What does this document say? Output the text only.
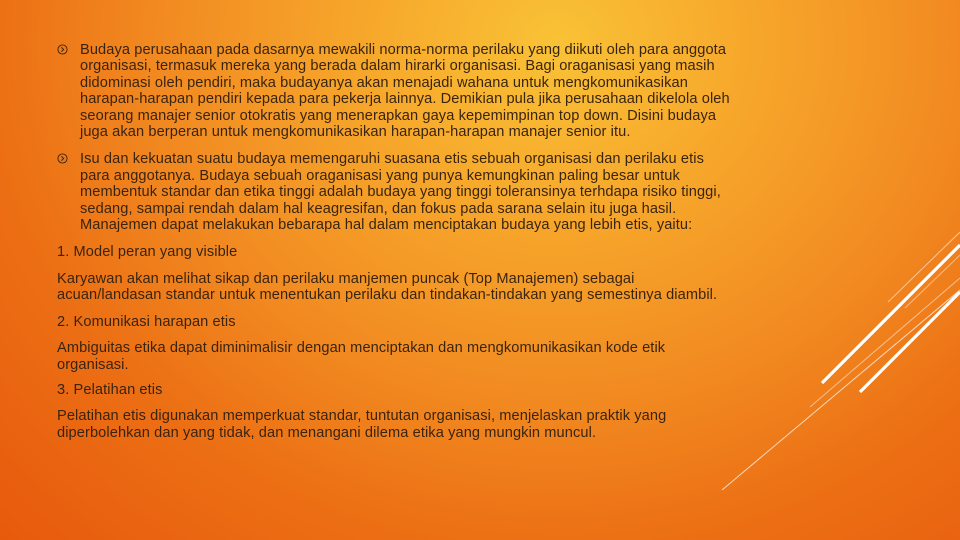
Budaya perusahaan pada dasarnya mewakili norma-norma perilaku yang diikuti oleh para anggota organisasi, termasuk mereka yang berada dalam hirarki organisasi. Bagi oraganisasi yang masih didominasi oleh pendiri, maka budayanya akan menajadi wahana untuk mengkomunikasikan harapan-harapan pendiri kepada para pekerja lainnya. Demikian pula jika perusahaan dikelola oleh seorang manajer senior otokratis yang menerapkan gaya kepemimpinan top down. Disini budaya juga akan berperan untuk mengkomunikasikan harapan-harapan manajer senior itu.
Isu dan kekuatan suatu budaya memengaruhi suasana etis sebuah organisasi dan perilaku etis para anggotanya. Budaya sebuah oraganisasi yang punya kemungkinan paling besar untuk membentuk standar dan etika tinggi adalah budaya yang tinggi toleransinya terhdapa risiko tinggi, sedang, sampai rendah dalam hal keagresifan, dan fokus pada sarana selain itu juga hasil. Manajemen dapat melakukan bebarapa hal dalam menciptakan budaya yang lebih etis, yaitu:

1. Model peran yang visible

Karyawan akan melihat sikap dan perilaku manjemen puncak (Top Manajemen) sebagai acuan/landasan standar untuk menentukan perilaku dan tindakan-tindakan yang semestinya diambil.

2. Komunikasi harapan etis

Ambiguitas etika dapat diminimalisir dengan menciptakan dan mengkomunikasikan kode etik organisasi.

3. Pelatihan etis

Pelatihan etis digunakan memperkuat standar, tuntutan organisasi, menjelaskan praktik yang diperbolehkan dan yang tidak, dan menangani dilema etika yang mungkin muncul.
